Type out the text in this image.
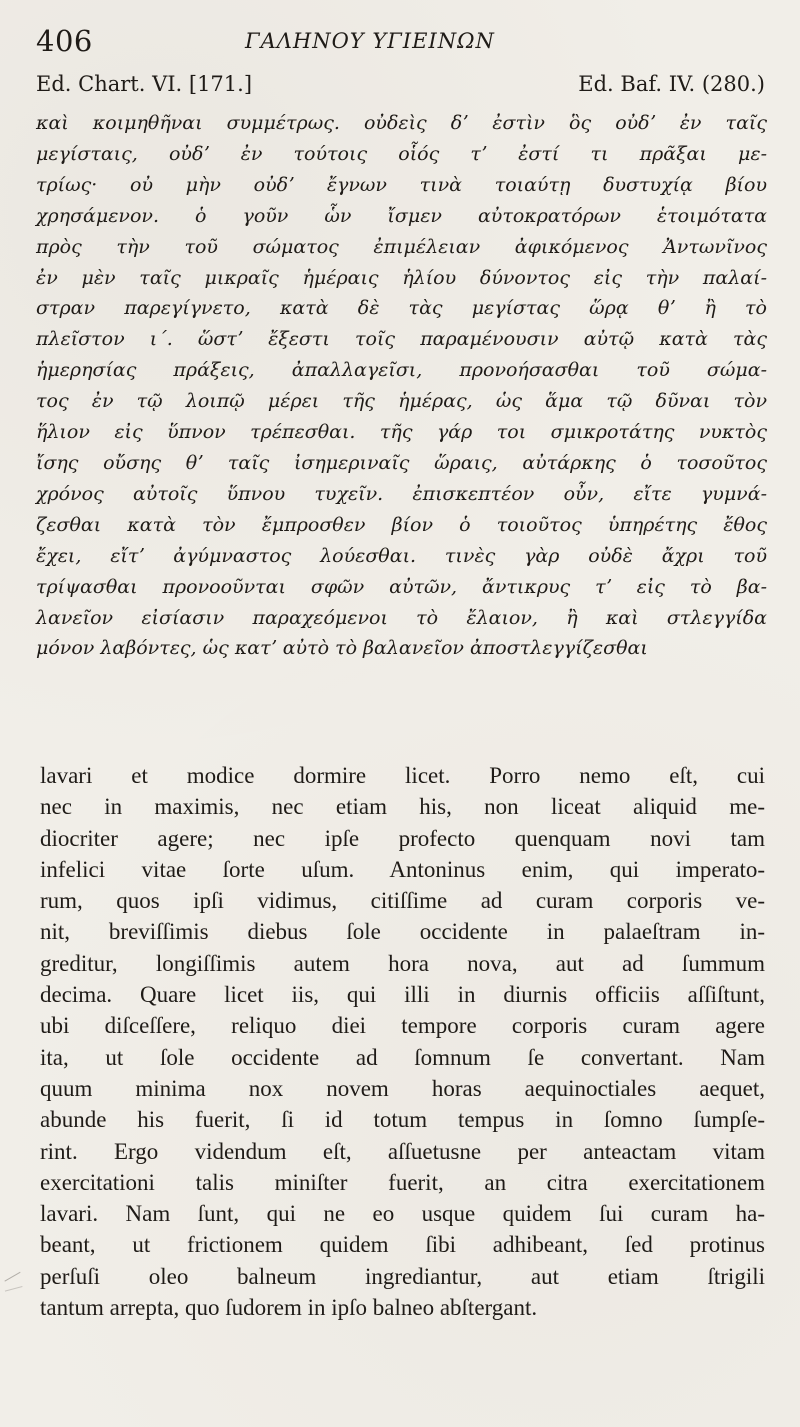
406	ΓΑΛΗΝΟΥ ΥΓΙΕΙΝΩΝ
Ed. Chart. VI. [171.]	Ed. Baf. IV. (280.)
καὶ κοιμηθῆναι συμμέτρως. οὐδεὶς δʼ ἐστὶν ὃς οὐδʼ ἐν ταῖς
μεγίσταις, οὐδʼ ἐν τούτοις οἷός τʼ ἐστί τι πρᾶξαι με-
τρίως· οὐ μὴν οὐδʼ ἔγνων τινὰ τοιαύτῃ δυστυχίᾳ βίου
χρησάμενον. ὁ γοῦν ὧν ἴσμεν αὐτοκρατόρων ἑτοιμότατα
πρὸς τὴν τοῦ σώματος ἐπιμέλειαν ἀφικόμενος Ἀντωνῖνος
ἐν μὲν ταῖς μικραῖς ἡμέραις ἡλίου δύνοντος εἰς τὴν παλαί-
στραν παρεγίγνετο, κατὰ δὲ τὰς μεγίστας ὥρᾳ θʼ ἢ τὸ
πλεῖστον ι΄. ὥστʼ ἔξεστι τοῖς παραμένουσιν αὐτῷ κατὰ τὰς
ἡμερησίας πράξεις, ἀπαλλαγεῖσι, προνοήσασθαι τοῦ σώμα-
τος ἐν τῷ λοιπῷ μέρει τῆς ἡμέρας, ὡς ἅμα τῷ δῦναι τὸν
ἥλιον εἰς ὕπνον τρέπεσθαι. τῆς γάρ τοι σμικροτάτης νυκτὸς
ἴσης οὔσης θʼ ταῖς ἰσημεριναῖς ὥραις, αὐτάρκης ὁ τοσοῦτος
χρόνος αὐτοῖς ὕπνου τυχεῖν. ἐπισκεπτέον οὖν, εἴτε γυμνά-
ζεσθαι κατὰ τὸν ἔμπροσθεν βίον ὁ τοιοῦτος ὑπηρέτης ἔθος
ἔχει, εἴτʼ ἀγύμναστος λούεσθαι. τινὲς γὰρ οὐδὲ ἄχρι τοῦ
τρίψασθαι προνοοῦνται σφῶν αὐτῶν, ἄντικρυς τʼ εἰς τὸ βα-
λανεῖον εἰσίασιν παραχεόμενοι τὸ ἔλαιον, ἢ καὶ στλεγγίδα
μόνον λαβόντες, ὡς κατʼ αὐτὸ τὸ βαλανεῖον ἀποστλεγγίζεσθαι
lavari et modice dormire licet. Porro nemo eſt, cui
nec in maximis, nec etiam his, non liceat aliquid me-
diocriter agere; nec ipſe profecto quenquam novi tam
infelici vitae ſorte uſum. Antoninus enim, qui imperato-
rum, quos ipſi vidimus, citiſſime ad curam corporis ve-
nit, breviſſimis diebus ſole occidente in palaeſtram in-
greditur, longiſſimis autem hora nova, aut ad ſummum
decima. Quare licet iis, qui illi in diurnis officiis aſſiſtunt,
ubi diſceſſere, reliquo diei tempore corporis curam agere
ita, ut ſole occidente ad ſomnum ſe convertant. Nam
quum minima nox novem horas aequinoctiales aequet,
abunde his fuerit, ſi id totum tempus in ſomno ſumpſe-
rint. Ergo videndum eſt, aſſuetusne per anteactam vitam
exercitationi talis miniſter fuerit, an citra exercitationem
lavari. Nam ſunt, qui ne eo usque quidem ſui curam ha-
beant, ut frictionem quidem ſibi adhibeant, ſed protinus
perſuſi oleo balneum ingrediantur, aut etiam ſtrigili
tantum arrepta, quo ſudorem in ipſo balneo abſtergant.
